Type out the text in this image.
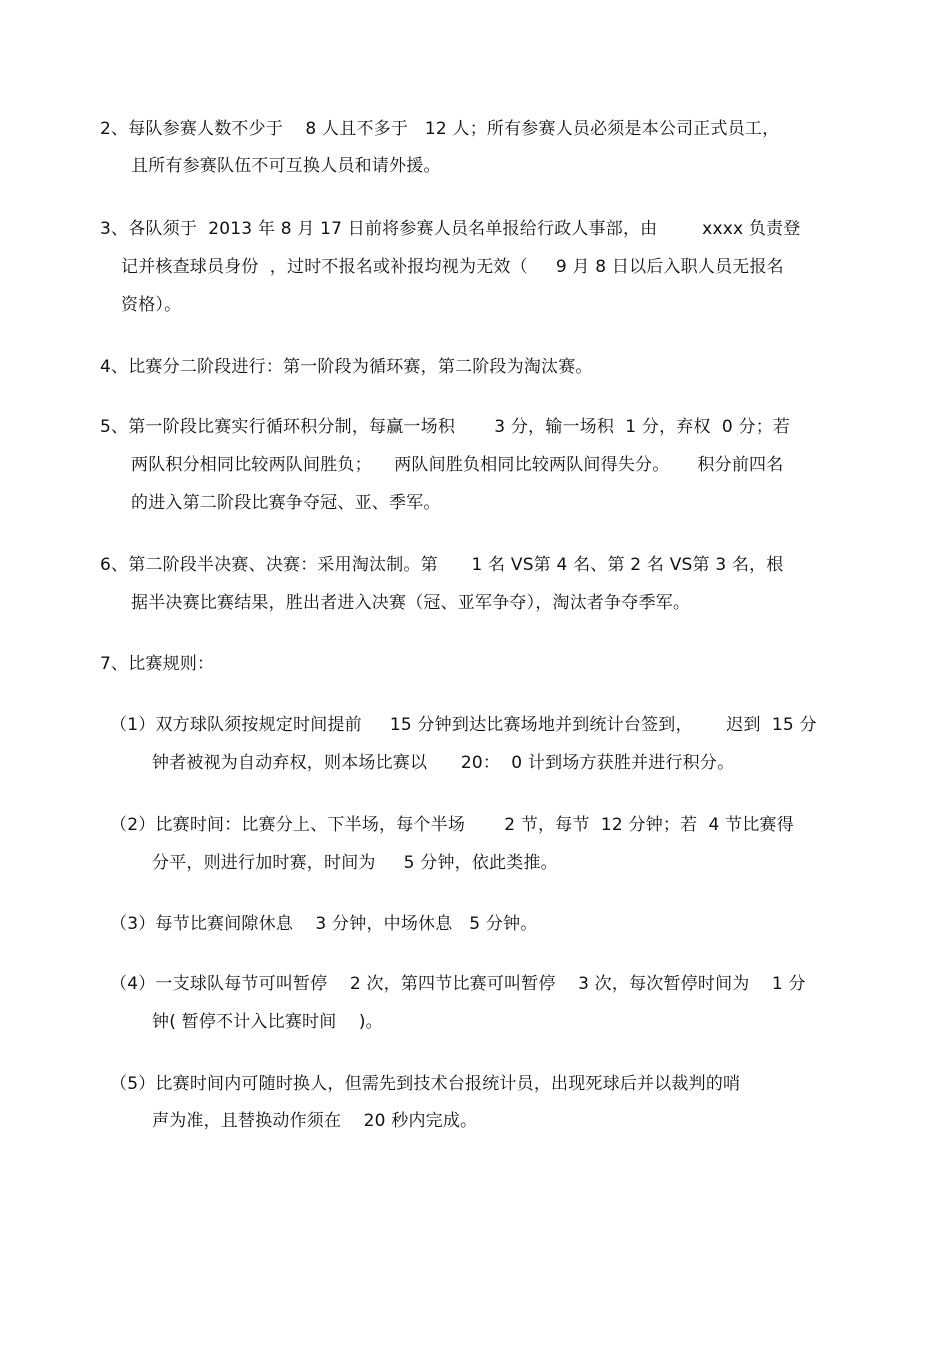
2、每队参赛人数不少于    8 人且不多于   12 人；所有参赛人员必须是本公司正式员工，
且所有参赛队伍不可互换人员和请外援。
3、各队须于  2013 年 8 月 17 日前将参赛人员名单报给行政人事部，由        xxxx 负责登
记并核查球员身份  ，过时不报名或补报均视为无效（     9 月 8 日以后入职人员无报名
资格）。
4、比赛分二阶段进行：第一阶段为循环赛，第二阶段为淘汰赛。
5、第一阶段比赛实行循环积分制，每赢一场积       3 分，输一场积  1 分，弃权  0 分；若
两队积分相同比较两队间胜负；    两队间胜负相同比较两队间得失分。     积分前四名
的进入第二阶段比赛争夺冠、亚、季军。
6、第二阶段半决赛、决赛：采用淘汰制。第      1 名 VS第 4 名、第 2 名 VS第 3 名，根
据半决赛比赛结果，胜出者进入决赛（冠、亚军争夺），淘汰者争夺季军。
7、比赛规则：
（1）双方球队须按规定时间提前     15 分钟到达比赛场地并到统计台签到，      迟到  15 分
钟者被视为自动弃权，则本场比赛以      20：  0 计到场方获胜并进行积分。
（2）比赛时间：比赛分上、下半场，每个半场       2 节，每节  12 分钟；若  4 节比赛得
分平，则进行加时赛，时间为     5 分钟，依此类推。
（3）每节比赛间隙休息    3 分钟，中场休息   5 分钟。
（4）一支球队每节可叫暂停    2 次，第四节比赛可叫暂停    3 次，每次暂停时间为    1 分
钟( 暂停不计入比赛时间    )。
（5）比赛时间内可随时换人，但需先到技术台报统计员，出现死球后并以裁判的哨
声为准，且替换动作须在    20 秒内完成。
